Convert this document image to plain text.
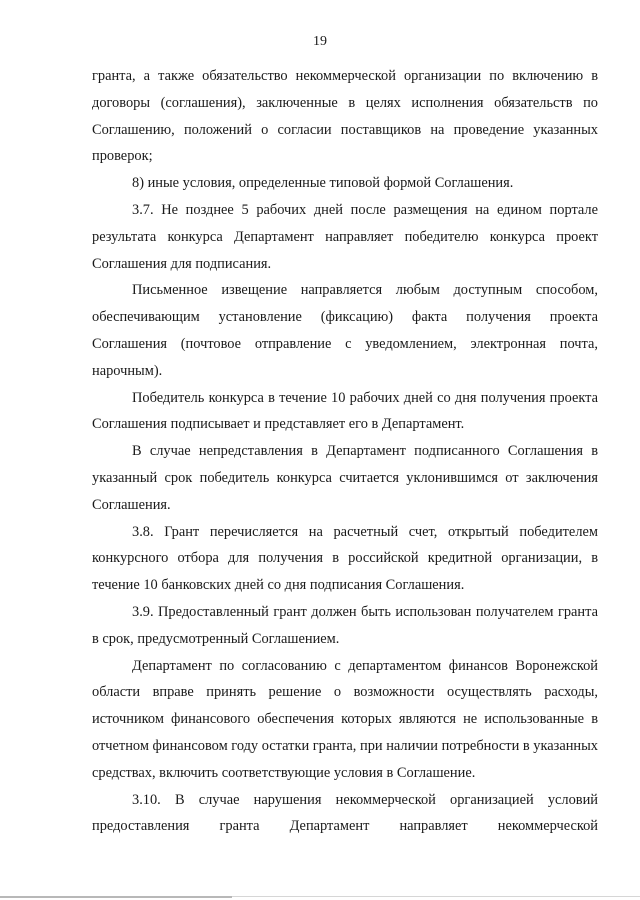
19

гранта, а также обязательство некоммерческой организации по включению в договоры (соглашения), заключенные в целях исполнения обязательств по Соглашению, положений о согласии поставщиков на проведение указанных проверок;

8) иные условия, определенные типовой формой Соглашения.

3.7. Не позднее 5 рабочих дней после размещения на едином портале результата конкурса Департамент направляет победителю конкурса проект Соглашения для подписания.

Письменное извещение направляется любым доступным способом, обеспечивающим установление (фиксацию) факта получения проекта Соглашения (почтовое отправление с уведомлением, электронная почта, нарочным).

Победитель конкурса в течение 10 рабочих дней со дня получения проекта Соглашения подписывает и представляет его в Департамент.

В случае непредставления в Департамент подписанного Соглашения в указанный срок победитель конкурса считается уклонившимся от заключения Соглашения.

3.8. Грант перечисляется на расчетный счет, открытый победителем конкурсного отбора для получения в российской кредитной организации, в течение 10 банковских дней со дня подписания Соглашения.

3.9. Предоставленный грант должен быть использован получателем гранта в срок, предусмотренный Соглашением.

Департамент по согласованию с департаментом финансов Воронежской области вправе принять решение о возможности осуществлять расходы, источником финансового обеспечения которых являются не использованные в отчетном финансовом году остатки гранта, при наличии потребности в указанных средствах, включить соответствующие условия в Соглашение.

3.10. В случае нарушения некоммерческой организацией условий предоставления гранта Департамент направляет некоммерческой
